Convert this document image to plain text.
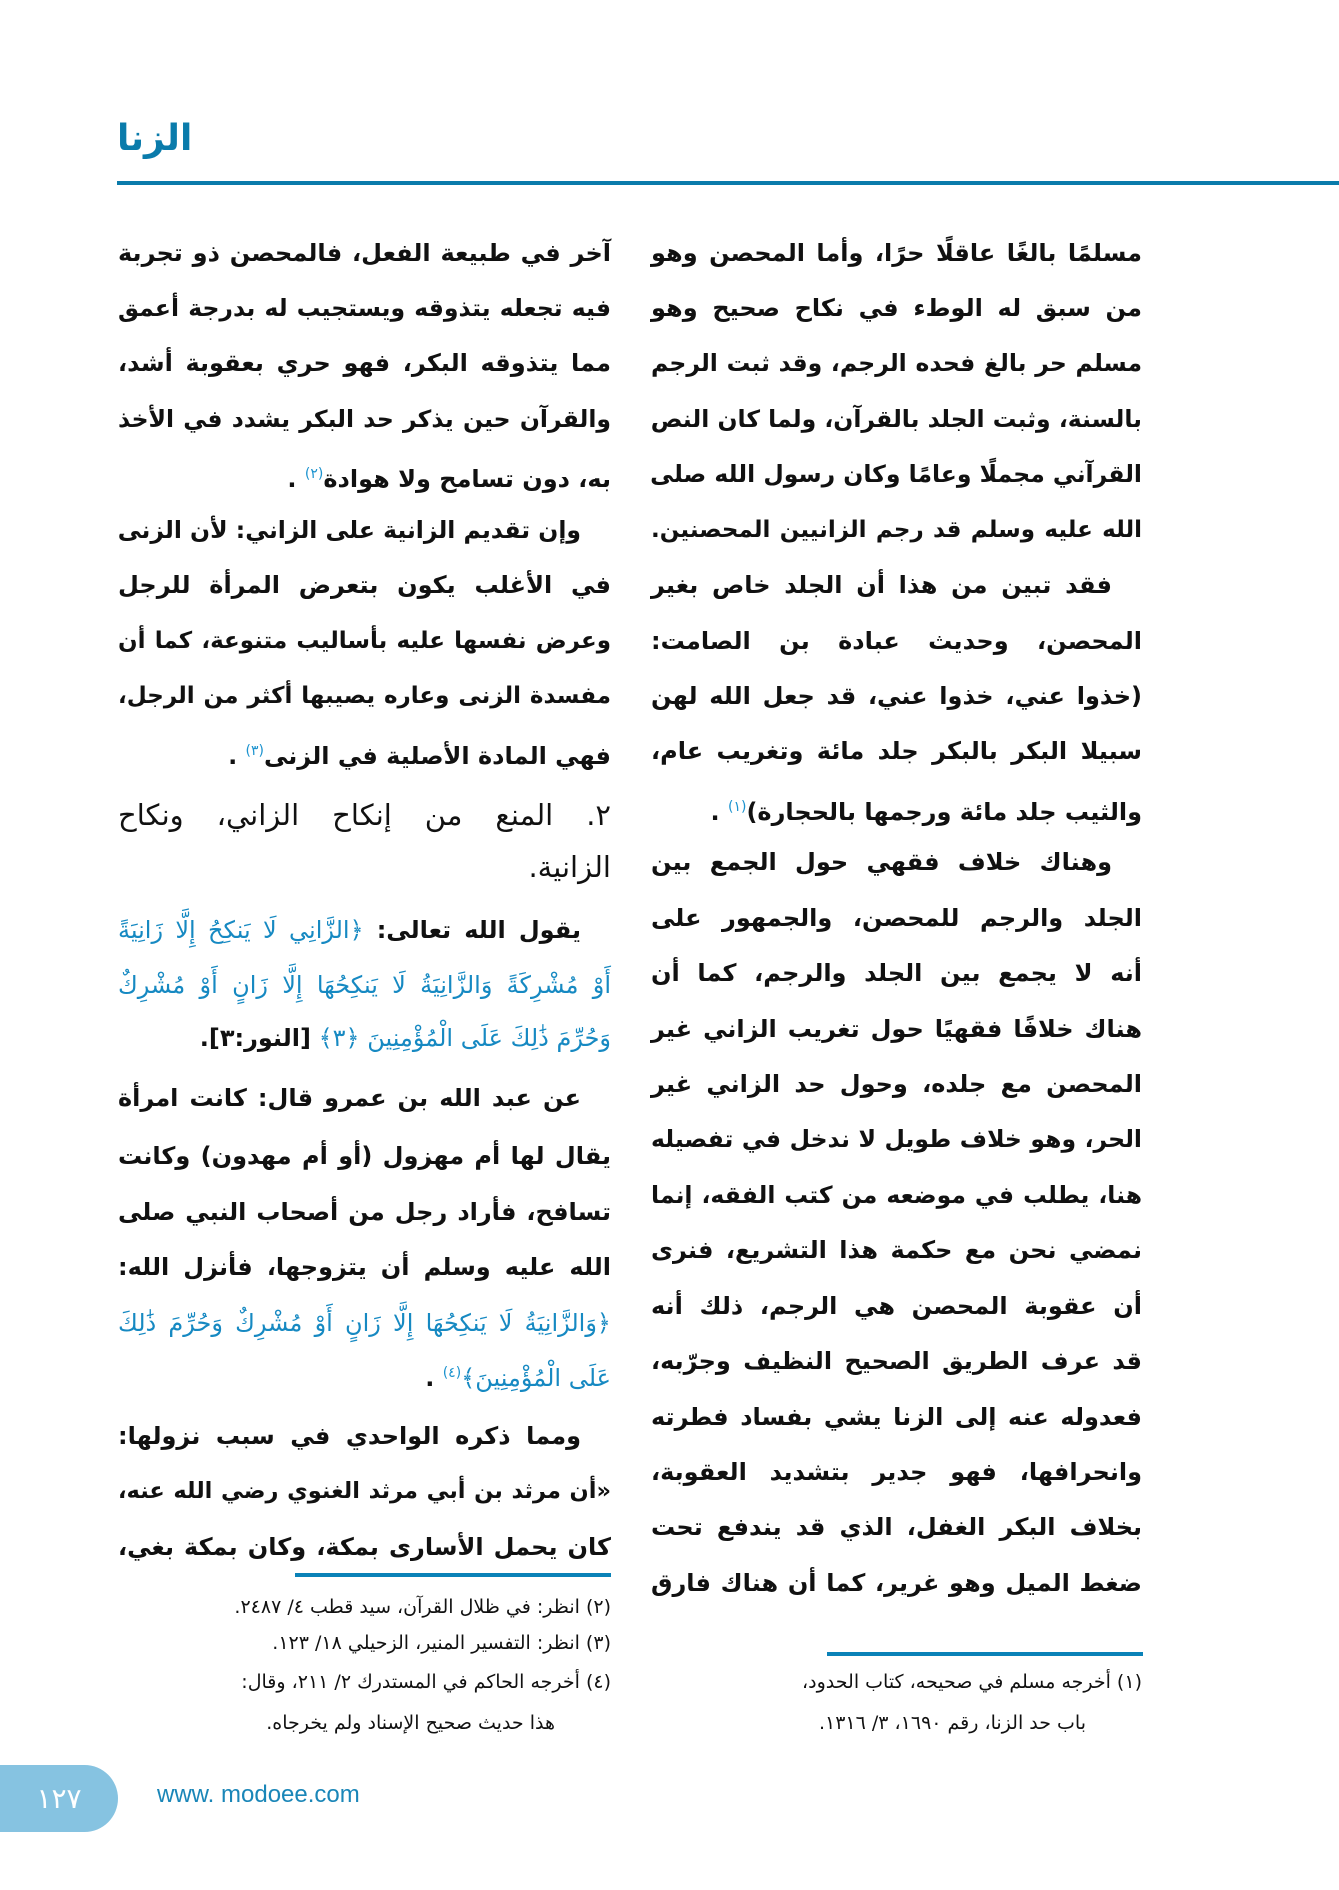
الزنا
مسلمًا بالغًا عاقلًا حرًا، وأما المحصن وهو
من سبق له الوطء في نكاح صحيح وهو
مسلم حر بالغ فحده الرجم، وقد ثبت الرجم
بالسنة، وثبت الجلد بالقرآن، ولما كان النص
القرآني مجملًا وعامًا وكان رسول الله صلى
الله عليه وسلم قد رجم الزانيين المحصنين.
فقد تبين من هذا أن الجلد خاص بغير
المحصن، وحديث عبادة بن الصامت:
(خذوا عني، خذوا عني، قد جعل الله لهن
سبيلا البكر بالبكر جلد مائة وتغريب عام،
والثيب جلد مائة ورجمها بالحجارة)$^{(١)}$ .
وهناك خلاف فقهي حول الجمع بين
الجلد والرجم للمحصن، والجمهور على
أنه لا يجمع بين الجلد والرجم، كما أن
هناك خلافًا فقهيًا حول تغريب الزاني غير
المحصن مع جلده، وحول حد الزاني غير
الحر، وهو خلاف طويل لا ندخل في تفصيله
هنا، يطلب في موضعه من كتب الفقه، إنما
نمضي نحن مع حكمة هذا التشريع، فنرى
أن عقوبة المحصن هي الرجم، ذلك أنه
قد عرف الطريق الصحيح النظيف وجرّبه،
فعدوله عنه إلى الزنا يشي بفساد فطرته
وانحرافها، فهو جدير بتشديد العقوبة،
بخلاف البكر الغفل، الذي قد يندفع تحت
ضغط الميل وهو غرير، كما أن هناك فارق
آخر في طبيعة الفعل، فالمحصن ذو تجربة
فيه تجعله يتذوقه ويستجيب له بدرجة أعمق
مما يتذوقه البكر، فهو حري بعقوبة أشد،
والقرآن حين يذكر حد البكر يشدد في الأخذ
به، دون تسامح ولا هوادة$^{(٢)}$ .
وإن تقديم الزانية على الزاني: لأن الزنى
في الأغلب يكون بتعرض المرأة للرجل
وعرض نفسها عليه بأساليب متنوعة، كما أن
مفسدة الزنى وعاره يصيبها أكثر من الرجل،
فهي المادة الأصلية في الزنى$^{(٣)}$ .
٢. المنع من إنكاح الزاني، ونكاح
الزانية.
يقول الله تعالى: ﴿الزَّانِي لَا يَنكِحُ إِلَّا زَانِيَةً
أَوْ مُشْرِكَةً وَالزَّانِيَةُ لَا يَنكِحُهَا إِلَّا زَانٍ أَوْ مُشْرِكٌ
وَحُرِّمَ ذَٰلِكَ عَلَى الْمُؤْمِنِينَ ﴿٣﴾ [النور:٣].
عن عبد الله بن عمرو قال: كانت امرأة
يقال لها أم مهزول (أو أم مهدون) وكانت
تسافح، فأراد رجل من أصحاب النبي صلى
الله عليه وسلم أن يتزوجها، فأنزل الله:
﴿وَالزَّانِيَةُ لَا يَنكِحُهَا إِلَّا زَانٍ أَوْ مُشْرِكٌ وَحُرِّمَ ذَٰلِكَ
عَلَى الْمُؤْمِنِينَ﴾$^{(٤)}$ .
ومما ذكره الواحدي في سبب نزولها:
«أن مرثد بن أبي مرثد الغنوي رضي الله عنه،
كان يحمل الأسارى بمكة، وكان بمكة بغي،
(١) أخرجه مسلم في صحيحه، كتاب الحدود،
باب حد الزنا، رقم ١٦٩٠، ٣/ ١٣١٦.
(٢) انظر: في ظلال القرآن، سيد قطب ٤/ ٢٤٨٧.
(٣) انظر: التفسير المنير، الزحيلي ١٨/ ١٢٣.
(٤) أخرجه الحاكم في المستدرك ٢/ ٢١١، وقال:
هذا حديث صحيح الإسناد ولم يخرجاه.
١٢٧	www. modoee.com
